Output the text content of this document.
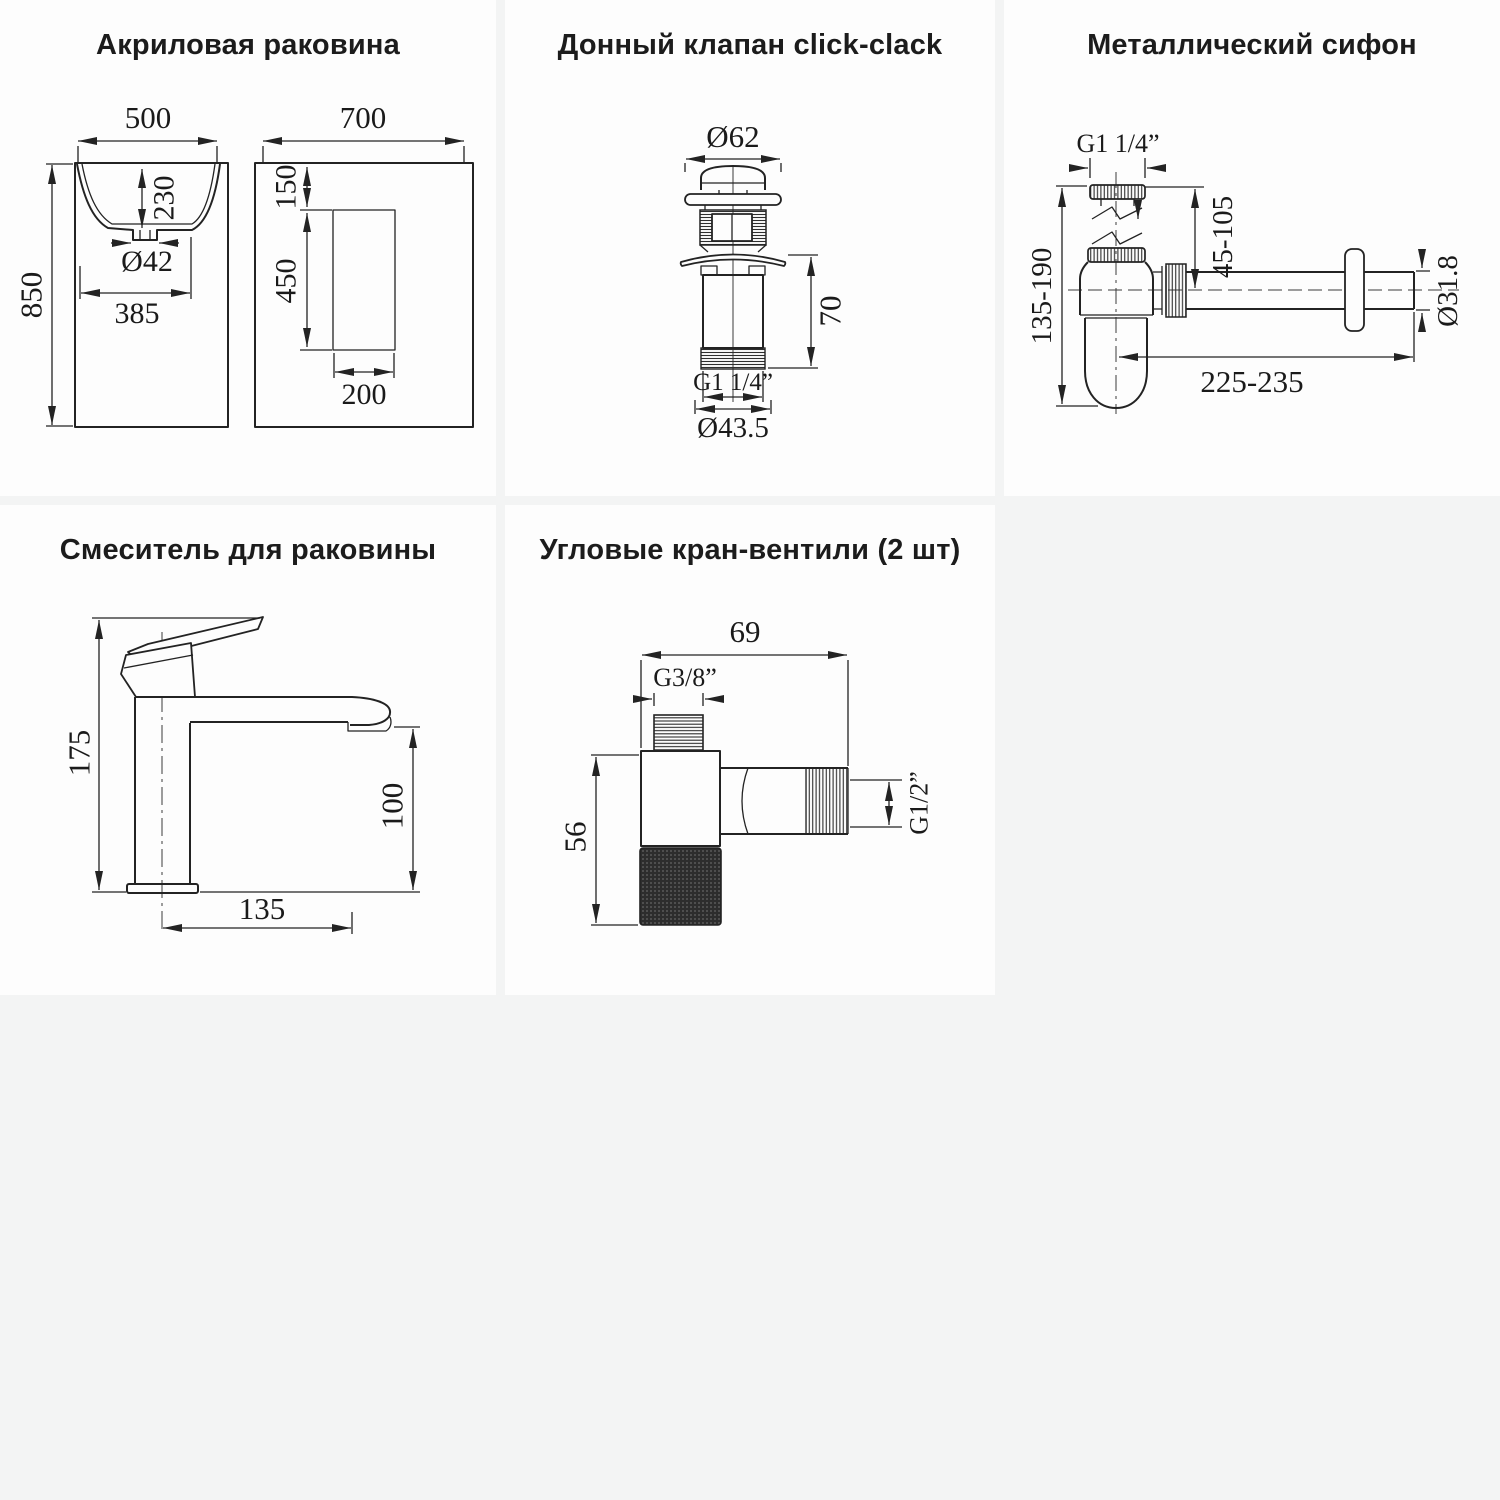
Акриловая раковина
230
Ø42
385
500
850
700
150
450
200
Донный клапан click-clack
Ø62
G1 1/4”
Ø43.5
70
Металлический сифон
G1 1/4”
45-105
135-190	Ø31.8
225-235
Смеситель для раковины
175
100
135
Угловые кран-вентили (2 шт)
69
G3/8”
56
G1/2”
